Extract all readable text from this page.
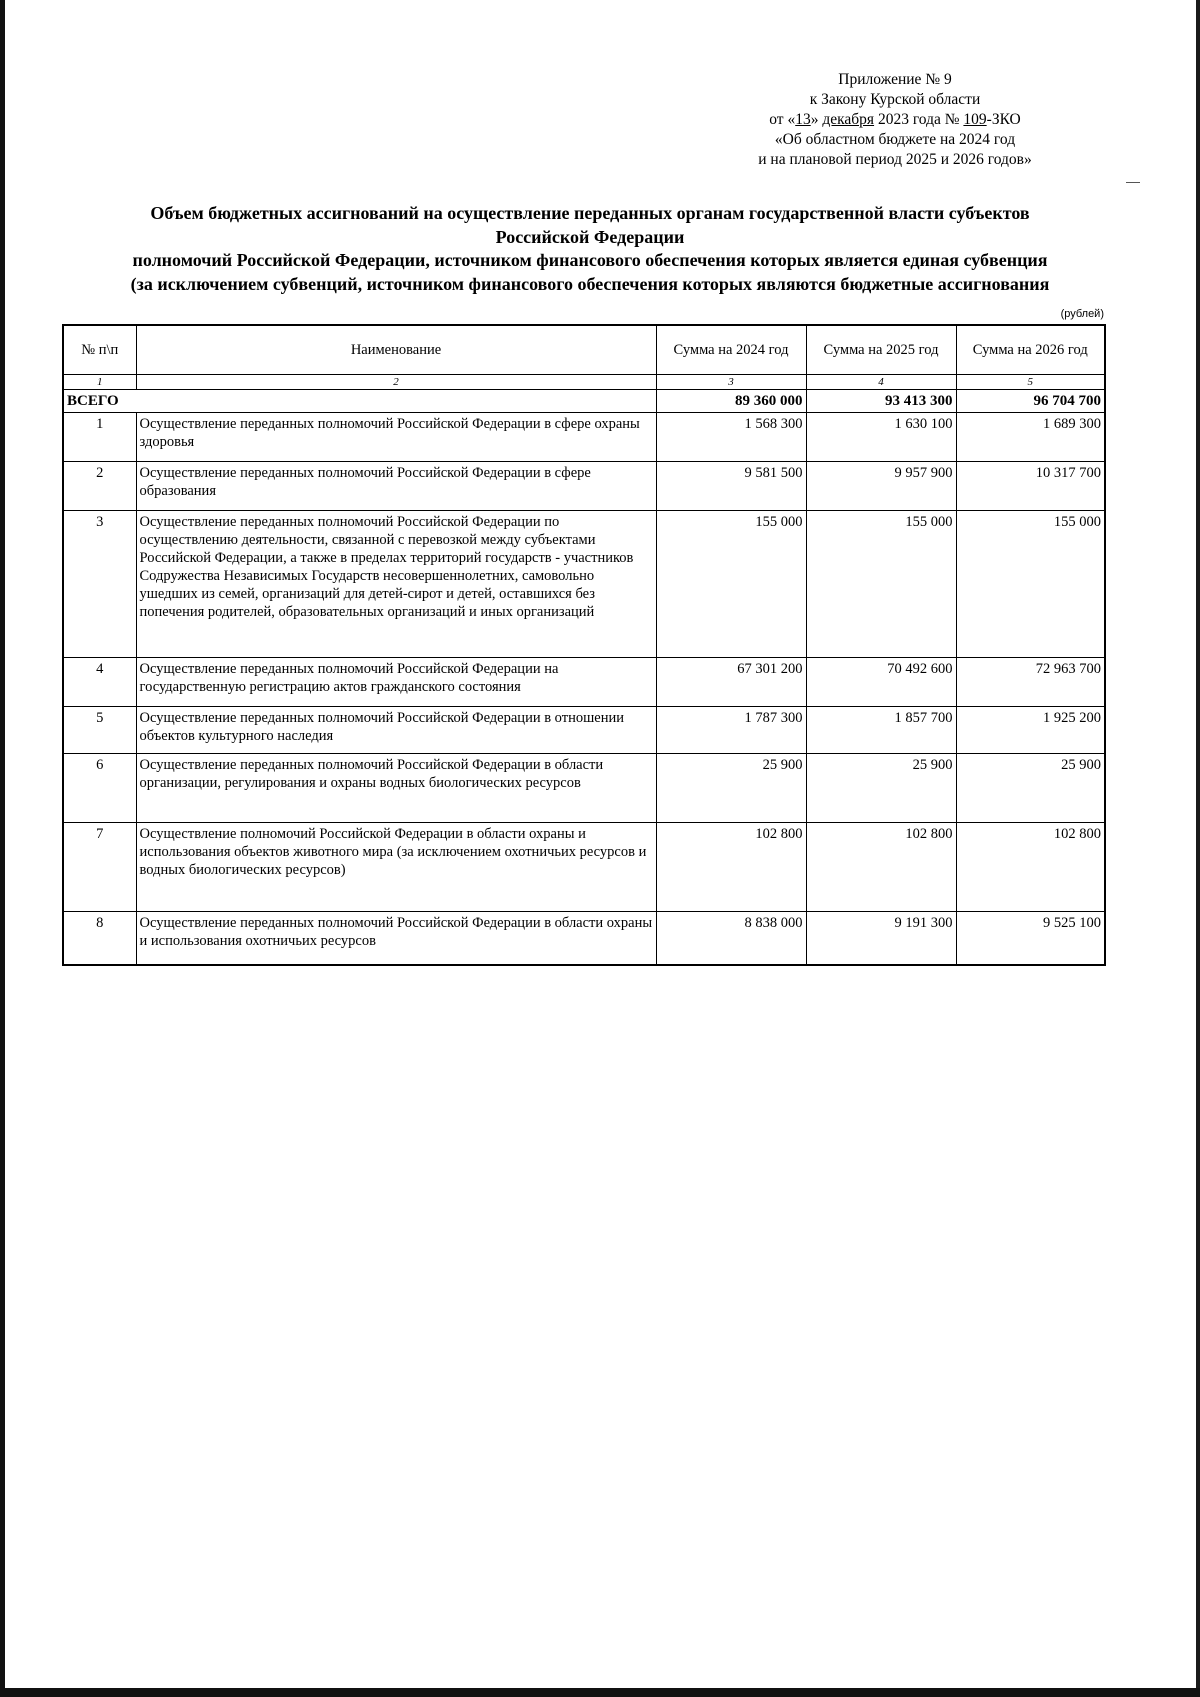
Приложение № 9
к Закону Курской области
от «13» декабря 2023 года № 109-ЗКО
«Об областном бюджете на 2024 год
и на плановой период 2025 и 2026 годов»
Объем бюджетных ассигнований на осуществление переданных органам государственной власти субъектов
Российской Федерации
полномочий Российской Федерации, источником финансового обеспечения которых является единая субвенция
(за исключением субвенций, источником финансового обеспечения которых являются бюджетные ассигнования
(рублей)
№ п\п	Наименование	Сумма на 2024 год	Сумма на 2025 год	Сумма на 2026 год
1	2	3	4	5
ВСЕГО		89 360 000	93 413 300	96 704 700
1	Осуществление переданных полномочий Российской Федерации в сфере охраны здоровья	1 568 300	1 630 100	1 689 300
2	Осуществление переданных полномочий Российской Федерации в сфере образования	9 581 500	9 957 900	10 317 700
3	Осуществление переданных полномочий Российской Федерации по осуществлению деятельности, связанной с перевозкой между субъектами Российской Федерации, а также в пределах территорий государств - участников Содружества Независимых Государств несовершеннолетних, самовольно ушедших из семей, организаций для детей-сирот и детей, оставшихся без попечения родителей, образовательных организаций и иных организаций	155 000	155 000	155 000
4	Осуществление переданных полномочий Российской Федерации на государственную регистрацию актов гражданского состояния	67 301 200	70 492 600	72 963 700
5	Осуществление переданных полномочий Российской Федерации в отношении объектов культурного наследия	1 787 300	1 857 700	1 925 200
6	Осуществление переданных полномочий Российской Федерации в области организации, регулирования и охраны водных биологических ресурсов	25 900	25 900	25 900
7	Осуществление полномочий Российской Федерации в области охраны и использования объектов животного мира (за исключением охотничьих ресурсов и водных биологических ресурсов)	102 800	102 800	102 800
8	Осуществление переданных полномочий Российской Федерации в области охраны и использования охотничьих ресурсов	8 838 000	9 191 300	9 525 100
